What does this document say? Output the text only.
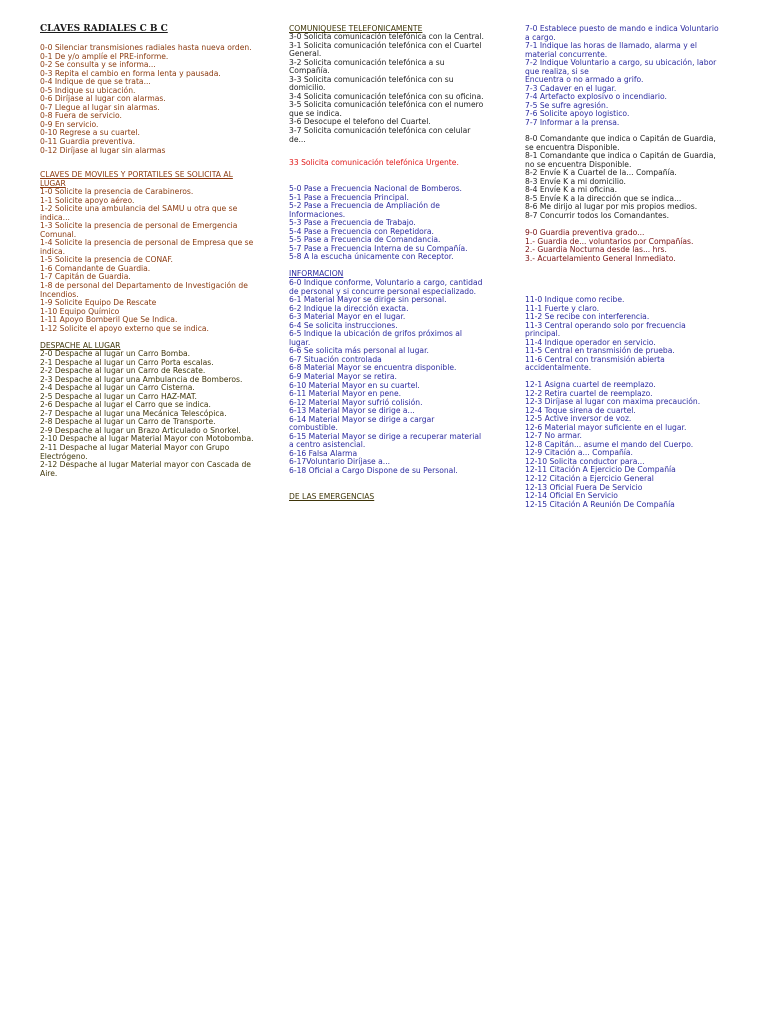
CLAVES RADIALES C B C
0-0 Silenciar transmisiones radiales hasta nueva orden.
0-1 De y/o amplíe el PRE-informe.
0-2 Se consulta y se informa...
0-3 Repita el cambio en forma lenta y pausada.
0-4 Indique de que se trata...
0-5 Indique su ubicación.
0-6 Diríjase al lugar con alarmas.
0-7 Llegue al lugar sin alarmas.
0-8 Fuera de servicio.
0-9 En servicio.
0-10 Regrese a su cuartel.
0-11 Guardia preventiva.
0-12 Diríjase al lugar sin alarmas
CLAVES DE MOVILES Y PORTATILES SE SOLICITA AL LUGAR
1-0 Solicite la presencia de Carabineros.
1-1 Solicite apoyo aéreo.
1-2 Solicite una ambulancia del SAMU u otra que se indica...
1-3 Solicite la presencia de personal de Emergencia Comunal.
1-4 Solicite la presencia de personal de Empresa que se indica.
1-5 Solicite la presencia de CONAF.
1-6 Comandante de Guardia.
1-7 Capitán de Guardia.
1-8 de personal del Departamento de Investigación de Incendios.
1-9 Solicite Equipo De Rescate
1-10 Equipo Químico
1-11 Apoyo Bomberil Que Se Indica.
1-12 Solicite el apoyo externo que se indica.
DESPACHE AL LUGAR
2-0 Despache al lugar un Carro Bomba.
2-1 Despache al lugar un Carro Porta escalas.
2-2 Despache al lugar un Carro de Rescate.
2-3 Despache al lugar una Ambulancia de Bomberos.
2-4 Despache al lugar un Carro Cisterna.
2-5 Despache al lugar un Carro HAZ-MAT.
2-6 Despache al lugar el Carro que se indica.
2-7 Despache al lugar una Mecánica Telescópica.
2-8 Despache al lugar un Carro de Transporte.
2-9 Despache al lugar un Brazo Articulado o Snorkel.
2-10 Despache al lugar Material Mayor con Motobomba.
2-11 Despache al lugar Material Mayor con Grupo Electrógeno.
2-12 Despache al lugar Material mayor con Cascada de Aire.
COMUNIQUESE TELEFONICAMENTE
3-0 Solicita comunicación telefónica con la Central.
3-1 Solicita comunicación telefónica con el Cuartel General.
3-2 Solicita comunicación telefónica a su Compañía.
3-3 Solicita comunicación telefónica con su domicilio.
3-4 Solicita comunicación telefónica con su oficina.
3-5 Solicita comunicación telefónica con el numero que se indica.
3-6 Desocupe el telefono del Cuartel.
3-7 Solicita comunicación telefónica con celular de...
33 Solicita comunicación telefónica Urgente.
5-0 Pase a Frecuencia Nacional de Bomberos.
5-1 Pase a Frecuencia Principal.
5-2 Pase a Frecuencia de Ampliación de Informaciones.
5-3 Pase a Frecuencia de Trabajo.
5-4 Pase a Frecuencia con Repetidora.
5-5 Pase a Frecuencia de Comandancia.
5-7 Pase a Frecuencia Interna de su Compañía.
5-8 A la escucha únicamente con Receptor.
INFORMACION
6-0 Indique conforme, Voluntario a cargo, cantidad de personal y si concurre personal especializado.
6-1 Material Mayor se dirige sin personal.
6-2 Indique la dirección exacta.
6-3 Material Mayor en el lugar.
6-4 Se solicita instrucciones.
6-5 Indique la ubicación de grifos próximos al lugar.
6-6 Se solicita más personal al lugar.
6-7 Situación controlada
6-8 Material Mayor se encuentra disponible.
6-9 Material Mayor se retira.
6-10 Material Mayor en su cuartel.
6-11 Material Mayor en pene.
6-12 Material Mayor sufrió colisión.
6-13 Material Mayor se dirige a...
6-14 Material Mayor se dirige a cargar combustible.
6-15 Material Mayor se dirige a recuperar material a centro asistencial.
6-16 Falsa Alarma
6-17Voluntario Diríjase a...
6-18 Oficial a Cargo Dispone de su Personal.
DE LAS EMERGENCIAS
7-0 Establece puesto de mando e indica Voluntario a cargo.
7-1 Indique las horas de llamado, alarma y el material concurrente.
7-2 Indique Voluntario a cargo, su ubicación, labor que realiza, si se
Encuentra o no armado a grifo.
7-3 Cadaver en el lugar.
7-4 Artefacto explosivo o incendiario.
7-5 Se sufre agresión.
7-6 Solicite apoyo logistico.
7-7 Informar a la prensa.
8-0 Comandante que indica o Capitán de Guardia, se encuentra Disponible.
8-1 Comandante que indica o Capitán de Guardia, no se encuentra Disponible.
8-2 Envíe K a Cuartel de la... Compañía.
8-3 Envíe K a mi domicilio.
8-4 Envíe K a mi oficina.
8-5 Envíe K a la dirección que se indica...
8-6 Me dirijo al lugar por mis propios medios.
8-7 Concurrir todos los Comandantes.
9-0 Guardia preventiva grado...
1.- Guardia de... voluntarios por Compañías.
2.- Guardia Nocturna desde las... hrs.
3.- Acuartelamiento General Inmediato.
11-0 Indique como recibe.
11-1 Fuerte y claro.
11-2 Se recibe con interferencia.
11-3 Central operando solo por frecuencia principal.
11-4 Indique operador en servicio.
11-5 Central en transmisión de prueba.
11-6 Central con transmisión abierta accidentalmente.
12-1 Asigna cuartel de reemplazo.
12-2 Retira cuartel de reemplazo.
12-3 Diríjase al lugar con maxima precaución.
12-4 Toque sirena de cuartel.
12-5 Active inversor de voz.
12-6 Material mayor suficiente en el lugar.
12-7 No armar.
12-8 Capitán... asume el mando del Cuerpo.
12-9 Citación a... Compañía.
12-10 Solicita conductor para...
12-11 Citación A Ejercicio De Compañía
12-12 Citación a Ejercicio General
12-13 Oficial Fuera De Servicio
12-14 Oficial En Servicio
12-15 Citación A Reunión De Compañía
